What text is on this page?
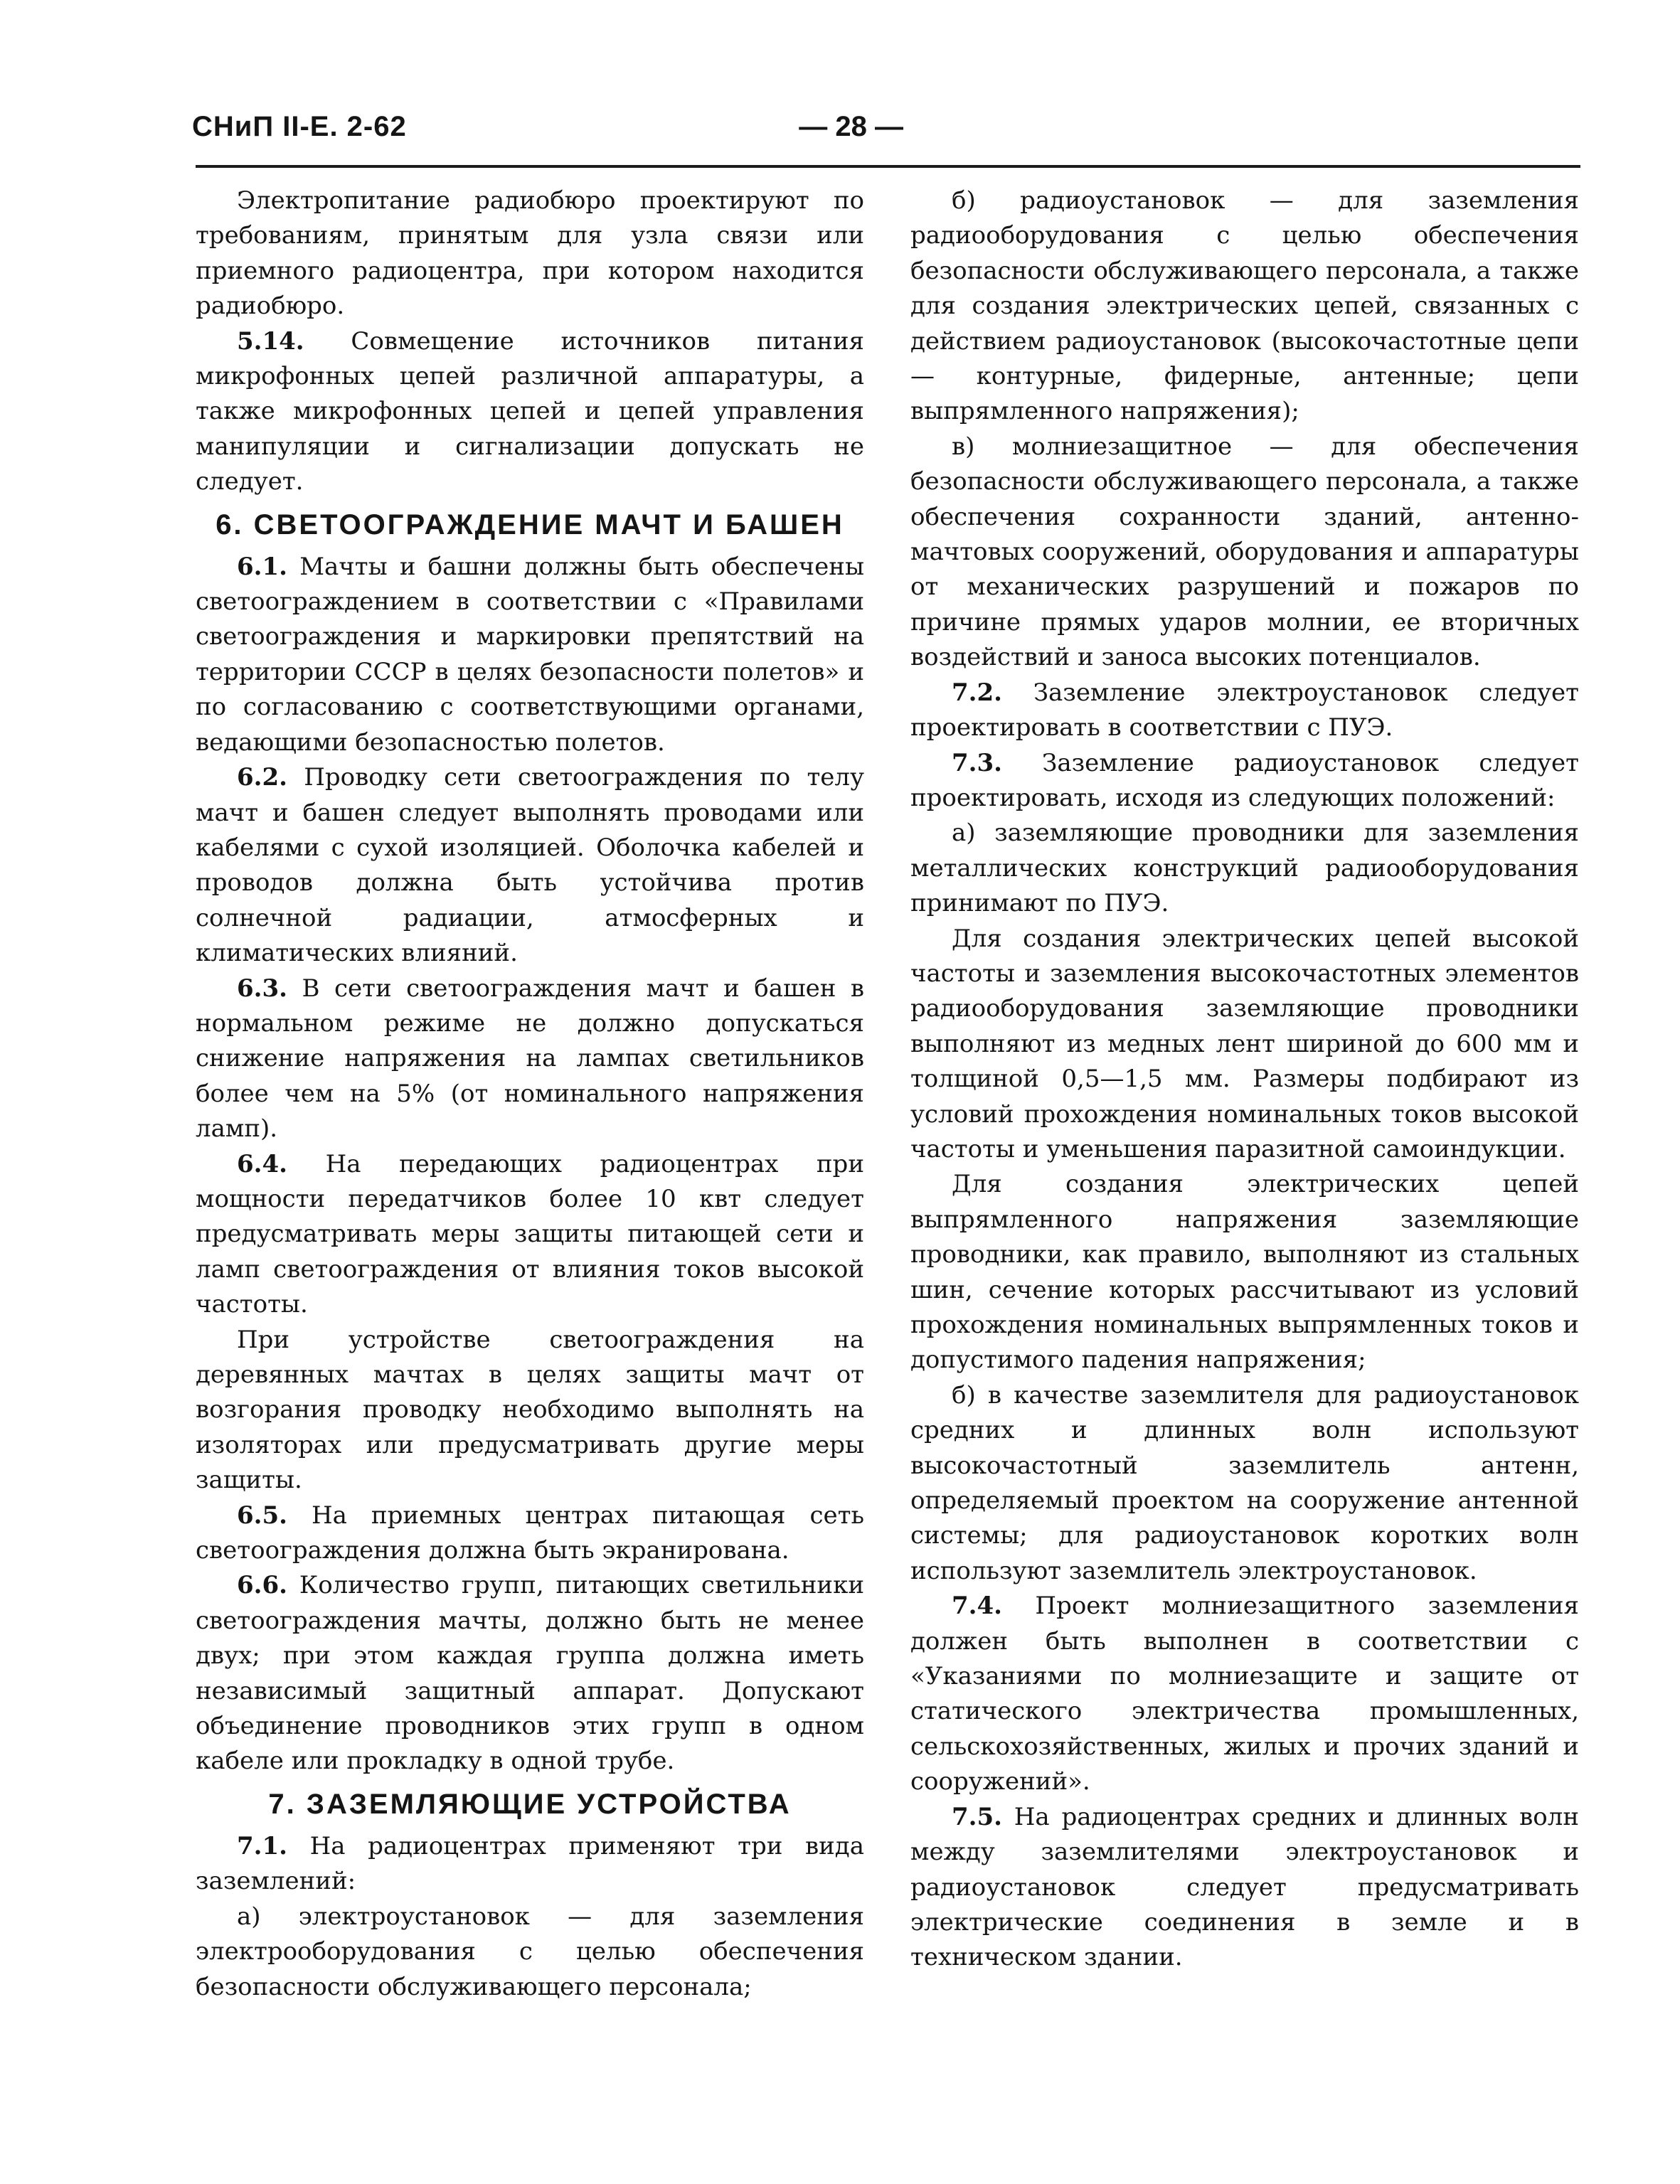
СНиП II-Е. 2-62	— 28 —

Электропитание радиобюро проектируют по требованиям, принятым для узла связи или приемного радиоцентра, при котором находится радиобюро.

5.14. Совмещение источников питания микрофонных цепей различной аппаратуры, а также микрофонных цепей и цепей управления манипуляции и сигнализации допускать не следует.

6. СВЕТООГРАЖДЕНИЕ МАЧТ И БАШЕН

6.1. Мачты и башни должны быть обеспечены светоограждением в соответствии с «Правилами светоограждения и маркировки препятствий на территории СССР в целях безопасности полетов» и по согласованию с соответствующими органами, ведающими безопасностью полетов.

6.2. Проводку сети светоограждения по телу мачт и башен следует выполнять проводами или кабелями с сухой изоляцией. Оболочка кабелей и проводов должна быть устойчива против солнечной радиации, атмосферных и климатических влияний.

6.3. В сети светоограждения мачт и башен в нормальном режиме не должно допускаться снижение напряжения на лампах светильников более чем на 5% (от номинального напряжения ламп).

6.4. На передающих радиоцентрах при мощности передатчиков более 10 квт следует предусматривать меры защиты питающей сети и ламп светоограждения от влияния токов высокой частоты.

При устройстве светоограждения на деревянных мачтах в целях защиты мачт от возгорания проводку необходимо выполнять на изоляторах или предусматривать другие меры защиты.

6.5. На приемных центрах питающая сеть светоограждения должна быть экранирована.

6.6. Количество групп, питающих светильники светоограждения мачты, должно быть не менее двух; при этом каждая группа должна иметь независимый защитный аппарат. Допускают объединение проводников этих групп в одном кабеле или прокладку в одной трубе.

7. ЗАЗЕМЛЯЮЩИЕ УСТРОЙСТВА

7.1. На радиоцентрах применяют три вида заземлений:

а) электроустановок — для заземления электрооборудования с целью обеспечения безопасности обслуживающего персонала;

б) радиоустановок — для заземления радиооборудования с целью обеспечения безопасности обслуживающего персонала, а также для создания электрических цепей, связанных с действием радиоустановок (высокочастотные цепи — контурные, фидерные, антенные; цепи выпрямленного напряжения);

в) молниезащитное — для обеспечения безопасности обслуживающего персонала, а также обеспечения сохранности зданий, антенно-мачтовых сооружений, оборудования и аппаратуры от механических разрушений и пожаров по причине прямых ударов молнии, ее вторичных воздействий и заноса высоких потенциалов.

7.2. Заземление электроустановок следует проектировать в соответствии с ПУЭ.

7.3. Заземление радиоустановок следует проектировать, исходя из следующих положений:

а) заземляющие проводники для заземления металлических конструкций радиооборудования принимают по ПУЭ.

Для создания электрических цепей высокой частоты и заземления высокочастотных элементов радиооборудования заземляющие проводники выполняют из медных лент шириной до 600 мм и толщиной 0,5—1,5 мм. Размеры подбирают из условий прохождения номинальных токов высокой частоты и уменьшения паразитной самоиндукции.

Для создания электрических цепей выпрямленного напряжения заземляющие проводники, как правило, выполняют из стальных шин, сечение которых рассчитывают из условий прохождения номинальных выпрямленных токов и допустимого падения напряжения;

б) в качестве заземлителя для радиоустановок средних и длинных волн используют высокочастотный заземлитель антенн, определяемый проектом на сооружение антенной системы; для радиоустановок коротких волн используют заземлитель электроустановок.

7.4. Проект молниезащитного заземления должен быть выполнен в соответствии с «Указаниями по молниезащите и защите от статического электричества промышленных, сельскохозяйственных, жилых и прочих зданий и сооружений».

7.5. На радиоцентрах средних и длинных волн между заземлителями электроустановок и радиоустановок следует предусматривать электрические соединения в земле и в техническом здании.
